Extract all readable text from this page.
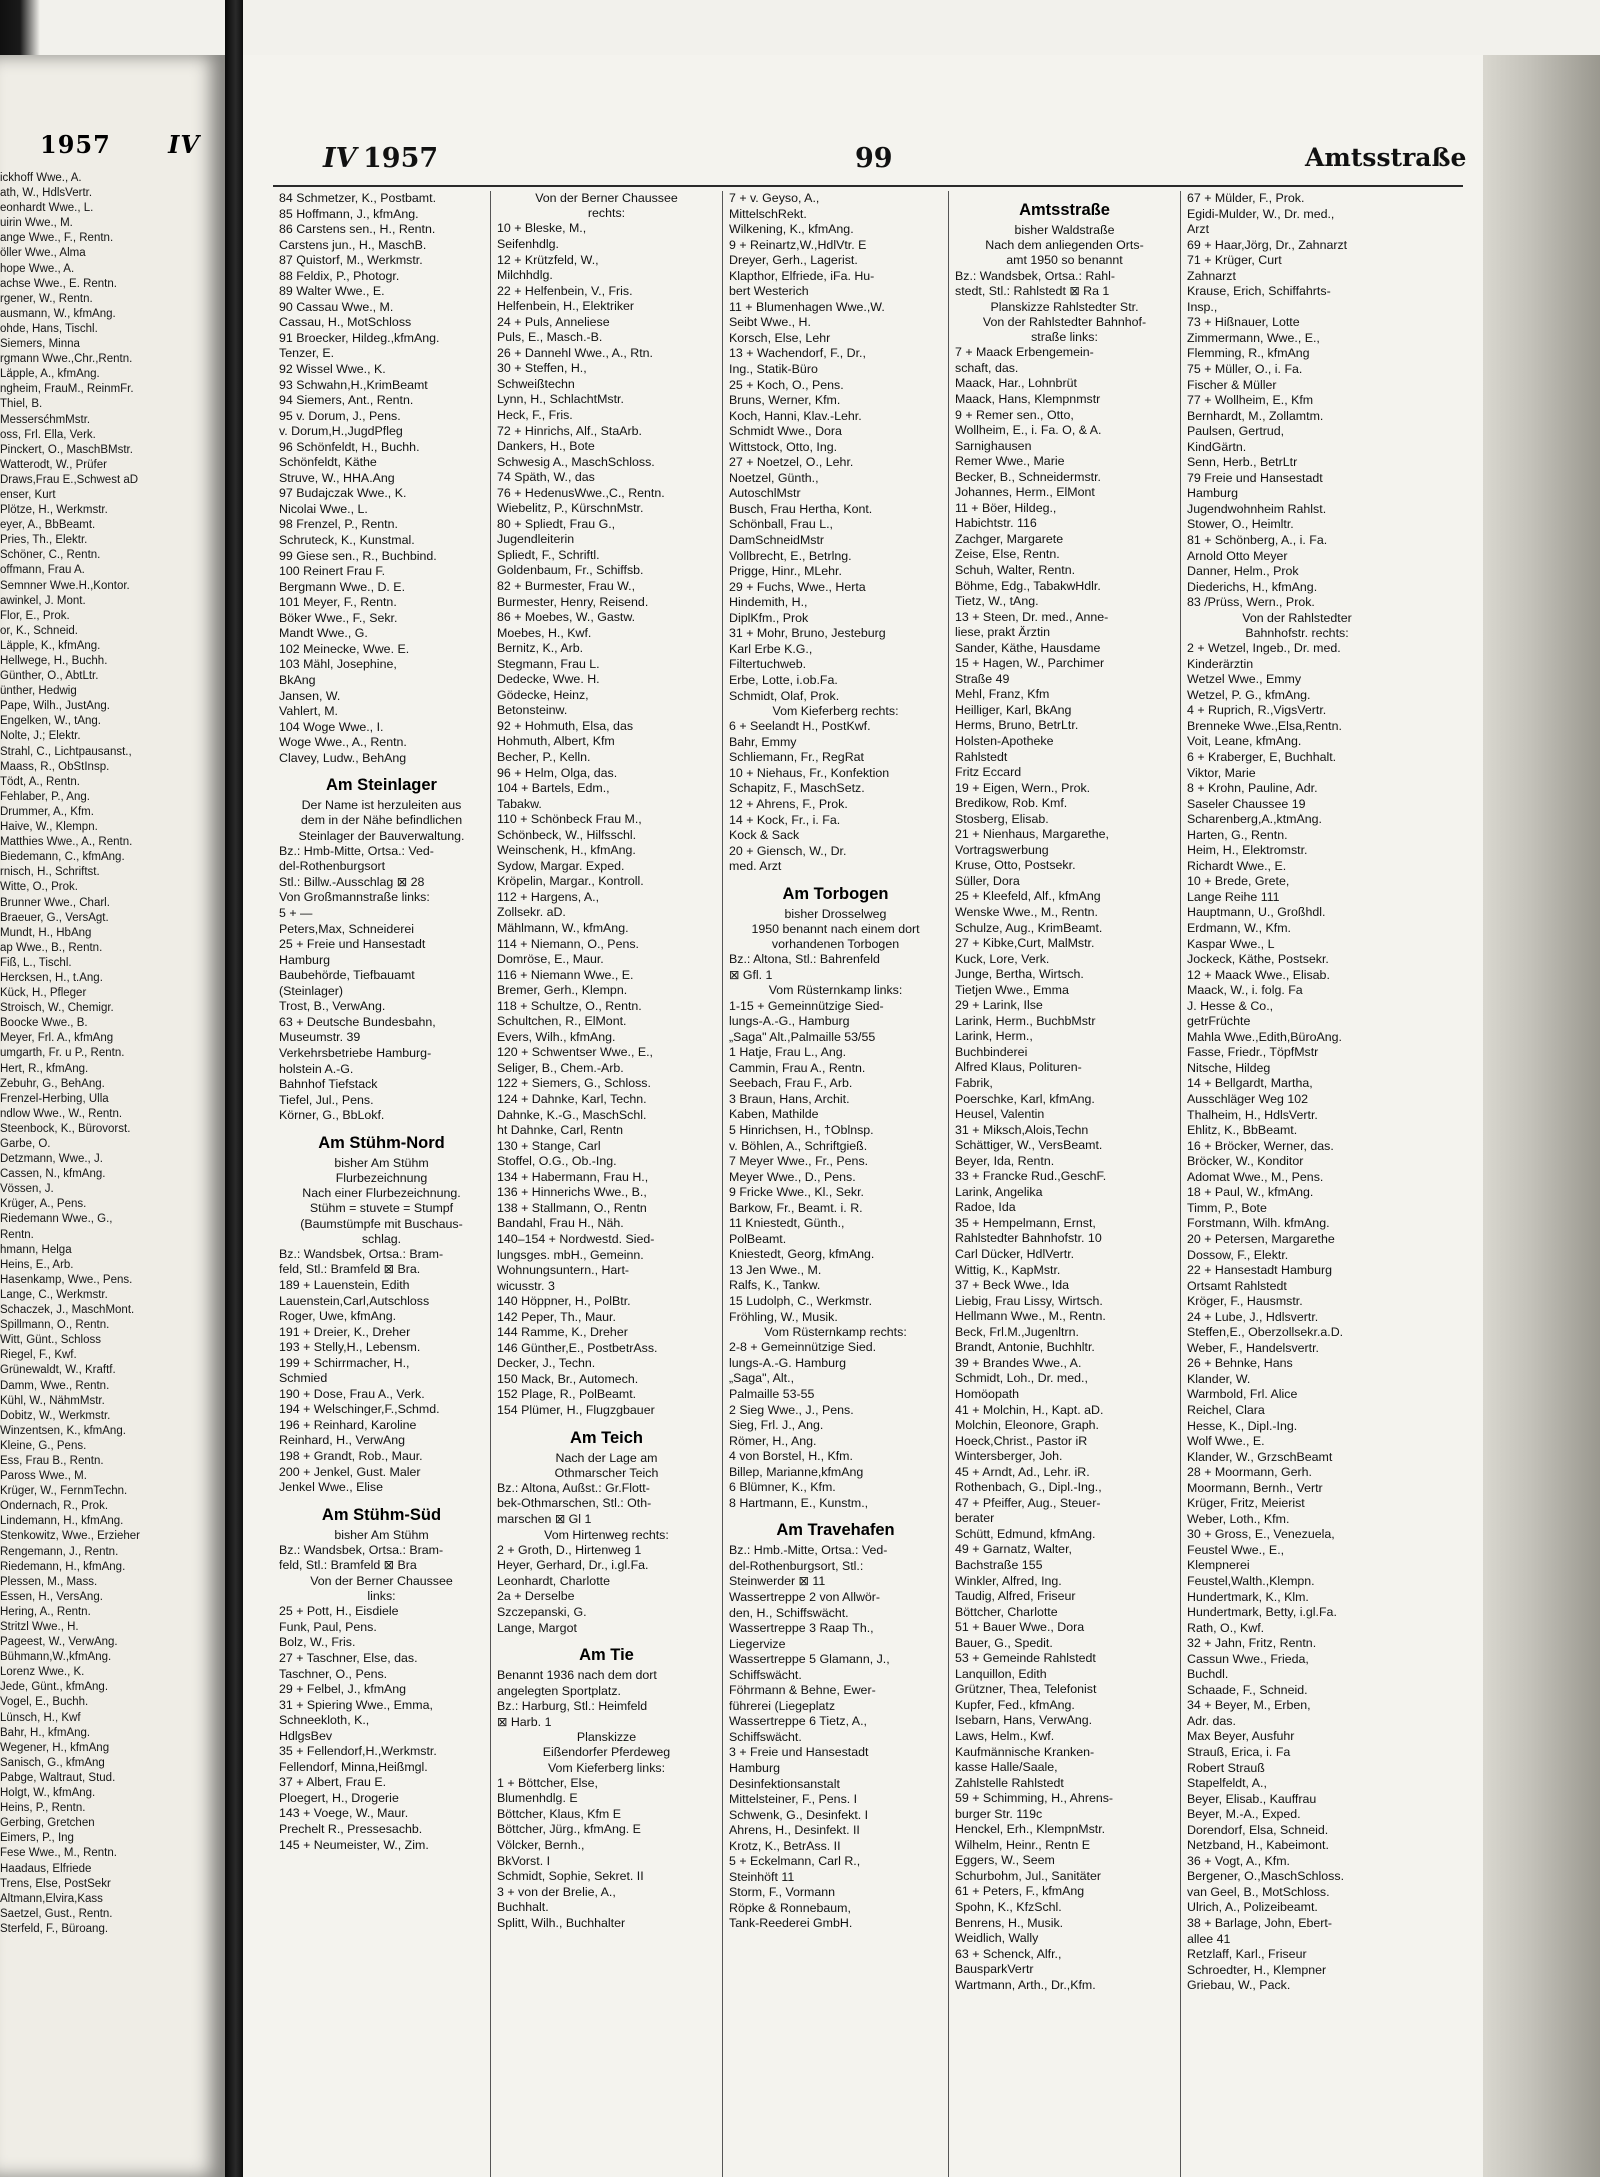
1957 IV
ickhoff Wwe., A.
ath, W., HdlsVertr.
eonhardt Wwe., L.
uirin Wwe., M.
ange Wwe., F., Rentn.
öller Wwe., Alma
hope Wwe., A.
achse Wwe., E. Rentn.
rgener, W., Rentn.
ausmann, W., kfmAng.
ohde, Hans, Tischl.
Siemers, Minna
rgmann Wwe.,Chr.,Rentn.
Läpple, A., kfmAng.
ngheim, FrauM., ReinmFr.
Thiel, B.
MessersćhmMstr.
oss, Frl. Ella, Verk.
Pinckert, O., MaschBMstr.
Watterodt, W., Prüfer
Draws,Frau E.,Schwest aD
enser, Kurt
Plötze, H., Werkmstr.
eyer, A., BbBeamt.
Pries, Th., Elektr.
Schöner, C., Rentn.
offmann, Frau A.
Semnner Wwe.H.,Kontor.
awinkel, J. Mont.
Flor, E., Prok.
or, K., Schneid.
Läpple, K., kfmAng.
Hellwege, H., Buchh.
Günther, O., AbtLtr.
ünther, Hedwig
Pape, Wilh., JustAng.
Engelken, W., tAng.
Nolte, J.; Elektr.
Strahl, C., Lichtpausanst.,
Maass, R., ObStInsp.
Tödt, A., Rentn.
Fehlaber, P., Ang.
Drummer, A., Kfm.
Haive, W., Klempn.
Matthies Wwe., A., Rentn.
Biedemann, C., kfmAng.
rnisch, H., Schriftst.
Witte, O., Prok.
Brunner Wwe., Charl.
Braeuer, G., VersAgt.
Mundt, H., HbAng
ap Wwe., B., Rentn.
Fiß, L., Tischl.
Hercksen, H., t.Ang.
Kück, H., Pfleger
Stroisch, W., Chemigr.
Boocke Wwe., B.
Meyer, Frl. A., kfmAng
umgarth, Fr. u P., Rentn.
Hert, R., kfmAng.
Zebuhr, G., BehAng.
Frenzel-Herbing, Ulla
ndlow Wwe., W., Rentn.
Steenbock, K., Bürovorst.
Garbe, O.
Detzmann, Wwe., J.
Cassen, N., kfmAng.
Vössen, J.
Krüger, A., Pens.
Riedemann Wwe., G.,
Rentn.
hmann, Helga
Heins, E., Arb.
Hasenkamp, Wwe., Pens.
Lange, C., Werkmstr.
Schaczek, J., MaschMont.
Spillmann, O., Rentn.
Witt, Günt., Schloss
Riegel, F., Kwf.
Grünewaldt, W., Kraftf.
Damm, Wwe., Rentn.
Kühl, W., NähmMstr.
Dobitz, W., Werkmstr.
Winzentsen, K., kfmAng.
Kleine, G., Pens.
Ess, Frau B., Rentn.
Paross Wwe., M.
Krüger, W., FernmTechn.
Ondernach, R., Prok.
Lindemann, H., kfmAng.
Stenkowitz, Wwe., Erzieher
Rengemann, J., Rentn.
Riedemann, H., kfmAng.
Plessen, M., Mass.
Essen, H., VersAng.
Hering, A., Rentn.
Stritzl Wwe., H.
Pageest, W., VerwAng.
Bühmann,W.,kfmAng.
Lorenz Wwe., K.
Jede, Günt., kfmAng.
Vogel, E., Buchh.
Lünsch, H., Kwf
Bahr, H., kfmAng.
Wegener, H., kfmAng
Sanisch, G., kfmAng
Pabge, Waltraut, Stud.
Holgt, W., kfmAng.
Heins, P., Rentn.
Gerbing, Gretchen
Eimers, P., Ing
Fese Wwe., M., Rentn.
Haadaus, Elfriede
Trens, Else, PostSekr
Altmann,Elvira,Kass
Saetzel, Gust., Rentn.
Sterfeld, F., Büroang.
IV 1957	99	Amtsstraße
84 Schmetzer, K., Postbamt.
85 Hoffmann, J., kfmAng.
86 Carstens sen., H., Rentn.
Carstens jun., H., MaschB.
87 Quistorf, M., Werkmstr.
88 Feldix, P., Photogr.
89 Walter Wwe., E.
90 Cassau Wwe., M.
Cassau, H., MotSchloss
91 Broecker, Hildeg.,kfmAng.
Tenzer, E.
92 Wissel Wwe., K.
93 Schwahn,H.,KrimBeamt
94 Siemers, Ant., Rentn.
95 v. Dorum, J., Pens.
v. Dorum,H.,JugdPfleg
96 Schönfeldt, H., Buchh.
Schönfeldt, Käthe
Struve, W., HHA.Ang
97 Budajczak Wwe., K.
Nicolai Wwe., L.
98 Frenzel, P., Rentn.
Schruteck, K., Kunstmal.
99 Giese sen., R., Buchbind.
100 Reinert Frau F.
Bergmann Wwe., D. E.
101 Meyer, F., Rentn.
Böker Wwe., F., Sekr.
Mandt Wwe., G.
102 Meinecke, Wwe. E.
103 Mähl, Josephine,
BkAng
Jansen, W.
Vahlert, M.
104 Woge Wwe., I.
Woge Wwe., A., Rentn.
Clavey, Ludw., BehAng
Am Steinlager
Der Name ist herzuleiten aus
dem in der Nähe befindlichen
Steinlager der Bauverwaltung.
Bz.: Hmb-Mitte, Ortsa.: Ved-
del-Rothenburgsort
Stl.: Billw.-Ausschlag ⊠ 28
Von Großmannstraße links:
5 + —
Peters,Max, Schneiderei
25 + Freie und Hansestadt
Hamburg
Baubehörde, Tiefbauamt
(Steinlager)
Trost, B., VerwAng.
63 + Deutsche Bundesbahn,
Museumstr. 39
Verkehrsbetriebe Hamburg-
holstein A.-G.
Bahnhof Tiefstack
Tiefel, Jul., Pens.
Körner, G., BbLokf.
Am Stühm-Nord
bisher Am Stühm
Flurbezeichnung
Nach einer Flurbezeichnung.
Stühm = stuvete = Stumpf
(Baumstümpfe mit Buschaus-
schlag.
Bz.: Wandsbek, Ortsa.: Bram-
feld, Stl.: Bramfeld ⊠ Bra.
189 + Lauenstein, Edith
Lauenstein,Carl,Autschloss
Roger, Uwe, kfmAng.
191 + Dreier, K., Dreher
193 + Stelly,H., Lebensm.
199 + Schirrmacher, H.,
Schmied
190 + Dose, Frau A., Verk.
194 + Welschinger,F.,Schmd.
196 + Reinhard, Karoline
Reinhard, H., VerwAng
198 + Grandt, Rob., Maur.
200 + Jenkel, Gust. Maler
Jenkel Wwe., Elise
Am Stühm-Süd
bisher Am Stühm
Bz.: Wandsbek, Ortsa.: Bram-
feld, Stl.: Bramfeld ⊠ Bra
Von der Berner Chaussee
links:
25 + Pott, H., Eisdiele
Funk, Paul, Pens.
Bolz, W., Fris.
27 + Taschner, Else, das.
Taschner, O., Pens.
29 + Felbel, J., kfmAng
31 + Spiering Wwe., Emma,
Schneekloth, K.,
HdlgsBev
35 + Fellendorf,H.,Werkmstr.
Fellendorf, Minna,Heißmgl.
37 + Albert, Frau E.
Ploegert, H., Drogerie
143 + Voege, W., Maur.
Prechelt R., Pressesachb.
145 + Neumeister, W., Zim.
Von der Berner Chaussee
rechts:
10 + Bleske, M.,
Seifenhdlg.
12 + Krützfeld, W.,
Milchhdlg.
22 + Helfenbein, V., Fris.
Helfenbein, H., Elektriker
24 + Puls, Anneliese
Puls, E., Masch.-B.
26 + Dannehl Wwe., A., Rtn.
30 + Steffen, H.,
Schweißtechn
Lynn, H., SchlachtMstr.
Heck, F., Fris.
72 + Hinrichs, Alf., StaArb.
Dankers, H., Bote
Schwesig A., MaschSchloss.
74 Späth, W., das
76 + HedenusWwe.,C., Rentn.
Wiebelitz, P., KürschnMstr.
80 + Spliedt, Frau G.,
Jugendleiterin
Spliedt, F., Schriftl.
Goldenbaum, Fr., Schiffsb.
82 + Burmester, Frau W.,
Burmester, Henry, Reisend.
86 + Moebes, W., Gastw.
Moebes, H., Kwf.
Bernitz, K., Arb.
Stegmann, Frau L.
Dedecke, Wwe. H.
Gödecke, Heinz,
Betonsteinw.
92 + Hohmuth, Elsa, das
Hohmuth, Albert, Kfm
Becher, P., Kelln.
96 + Helm, Olga, das.
104 + Bartels, Edm.,
Tabakw.
110 + Schönbeck Frau M.,
Schönbeck, W., Hilfsschl.
Weinschenk, H., kfmAng.
Sydow, Margar. Exped.
Kröpelin, Margar., Kontroll.
112 + Hargens, A.,
Zollsekr. aD.
Mählmann, W., kfmAng.
114 + Niemann, O., Pens.
Domröse, E., Maur.
116 + Niemann Wwe., E.
Bremer, Gerh., Klempn.
118 + Schultze, O., Rentn.
Schultchen, R., ElMont.
Evers, Wilh., kfmAng.
120 + Schwentser Wwe., E.,
Seliger, B., Chem.-Arb.
122 + Siemers, G., Schloss.
124 + Dahnke, Karl, Techn.
Dahnke, K.-G., MaschSchl.
ht Dahnke, Carl, Rentn
130 + Stange, Carl
Stoffel, O.G., Ob.-Ing.
134 + Habermann, Frau H.,
136 + Hinnerichs Wwe., B.,
138 + Stallmann, O., Rentn
Bandahl, Frau H., Näh.
140–154 + Nordwestd. Sied-
lungsges. mbH., Gemeinn.
Wohnungsuntern., Hart-
wicusstr. 3
140 Höppner, H., PolBtr.
142 Peper, Th., Maur.
144 Ramme, K., Dreher
146 Günther,E., PostbetrAss.
Decker, J., Techn.
150 Mack, Br., Automech.
152 Plage, R., PolBeamt.
154 Plümer, H., Flugzgbauer
Am Teich
Nach der Lage am
Othmarscher Teich
Bz.: Altona, Außst.: Gr.Flott-
bek-Othmarschen, Stl.: Oth-
marschen ⊠ Gl 1
Vom Hirtenweg rechts:
2 + Groth, D., Hirtenweg 1
Heyer, Gerhard, Dr., i.gl.Fa.
Leonhardt, Charlotte
2a + Derselbe
Szczepanski, G.
Lange, Margot
Am Tie
Benannt 1936 nach dem dort
angelegten Sportplatz.
Bz.: Harburg, Stl.: Heimfeld
⊠ Harb. 1
Planskizze
Eißendorfer Pferdeweg
Vom Kieferberg links:
1 + Böttcher, Else,
Blumenhdlg. E
Böttcher, Klaus, Kfm E
Böttcher, Jürg., kfmAng. E
Völcker, Bernh.,
BkVorst. I
Schmidt, Sophie, Sekret. II
3 + von der Brelie, A.,
Buchhalt.
Splitt, Wilh., Buchhalter
7 + v. Geyso, A.,
MittelschRekt.
Wilkening, K., kfmAng.
9 + Reinartz,W.,HdlVtr. E
Dreyer, Gerh., Lagerist.
Klapthor, Elfriede, iFa. Hu-
bert Westerich
11 + Blumenhagen Wwe.,W.
Seibt Wwe., H.
Korsch, Else, Lehr
13 + Wachendorf, F., Dr.,
Ing., Statik-Büro
25 + Koch, O., Pens.
Bruns, Werner, Kfm.
Koch, Hanni, Klav.-Lehr.
Schmidt Wwe., Dora
Wittstock, Otto, Ing.
27 + Noetzel, O., Lehr.
Noetzel, Günth.,
AutoschlMstr
Busch, Frau Hertha, Kont.
Schönball, Frau L.,
DamSchneidMstr
Vollbrecht, E., Betrlng.
Prigge, Hinr., MLehr.
29 + Fuchs, Wwe., Herta
Hindemith, H.,
DiplKfm., Prok
31 + Mohr, Bruno, Jesteburg
Karl Erbe K.G.,
Filtertuchweb.
Erbe, Lotte, i.ob.Fa.
Schmidt, Olaf, Prok.
Vom Kieferberg rechts:
6 + Seelandt H., PostKwf.
Bahr, Emmy
Schliemann, Fr., RegRat
10 + Niehaus, Fr., Konfektion
Schapitz, F., MaschSetz.
12 + Ahrens, F., Prok.
14 + Kock, Fr., i. Fa.
Kock & Sack
20 + Giensch, W., Dr.
med. Arzt
Am Torbogen
bisher Drosselweg
1950 benannt nach einem dort
vorhandenen Torbogen
Bz.: Altona, Stl.: Bahrenfeld
⊠ Gfl. 1
Vom Rüsternkamp links:
1-15 + Gemeinnützige Sied-
lungs-A.-G., Hamburg
„Saga" Alt.,Palmaille 53/55
1 Hatje, Frau L., Ang.
Cammin, Frau A., Rentn.
Seebach, Frau F., Arb.
3 Braun, Hans, Archit.
Kaben, Mathilde
5 Hinrichsen, H., †Oblnsp.
v. Böhlen, A., Schriftgieß.
7 Meyer Wwe., Fr., Pens.
Meyer Wwe., D., Pens.
9 Fricke Wwe., Kl., Sekr.
Barkow, Fr., Beamt. i. R.
11 Kniestedt, Günth.,
PolBeamt.
Kniestedt, Georg, kfmAng.
13 Jen Wwe., M.
Ralfs, K., Tankw.
15 Ludolph, C., Werkmstr.
Fröhling, W., Musik.
Vom Rüsternkamp rechts:
2-8 + Gemeinnützige Sied.
lungs-A.-G. Hamburg
„Saga", Alt.,
Palmaille 53-55
2 Sieg Wwe., J., Pens.
Sieg, Frl. J., Ang.
Römer, H., Ang.
4 von Borstel, H., Kfm.
Billep, Marianne,kfmAng
6 Blümner, K., Kfm.
8 Hartmann, E., Kunstm.,
Am Travehafen
Bz.: Hmb.-Mitte, Ortsa.: Ved-
del-Rothenburgsort, Stl.:
Steinwerder ⊠ 11
Wassertreppe 2 von Allwör-
den, H., Schiffswächt.
Wassertreppe 3 Raap Th.,
Liegervize
Wassertreppe 5 Glamann, J.,
Schiffswächt.
Föhrmann & Behne, Ewer-
führerei (Liegeplatz
Wassertreppe 6 Tietz, A.,
Schiffswächt.
3 + Freie und Hansestadt
Hamburg
Desinfektionsanstalt
Mittelsteiner, F., Pens. I
Schwenk, G., Desinfekt. I
Ahrens, H., Desinfekt. II
Krotz, K., BetrAss. II
5 + Eckelmann, Carl R.,
Steinhöft 11
Storm, F., Vormann
Röpke & Ronnebaum,
Tank-Reederei GmbH.
Amtsstraße
bisher Waldstraße
Nach dem anliegenden Orts-
amt 1950 so benannt
Bz.: Wandsbek, Ortsa.: Rahl-
stedt, Stl.: Rahlstedt ⊠ Ra 1
Planskizze Rahlstedter Str.
Von der Rahlstedter Bahnhof-
straße links:
7 + Maack Erbengemein-
schaft, das.
Maack, Har., Lohnbrüt
Maack, Hans, Klempnmstr
9 + Remer sen., Otto,
Wollheim, E., i. Fa. O, & A.
Sarnighausen
Remer Wwe., Marie
Becker, B., Schneidermstr.
Johannes, Herm., ElMont
11 + Böer, Hildeg.,
Habichtstr. 116
Zachger, Margarete
Zeise, Else, Rentn.
Schuh, Walter, Rentn.
Böhme, Edg., TabakwHdlr.
Tietz, W., tAng.
13 + Steen, Dr. med., Anne-
liese, prakt Ärztin
Sander, Käthe, Hausdame
15 + Hagen, W., Parchimer
Straße 49
Mehl, Franz, Kfm
Heilliger, Karl, BkAng
Herms, Bruno, BetrLtr.
Holsten-Apotheke
Rahlstedt
Fritz Eccard
19 + Eigen, Wern., Prok.
Bredikow, Rob. Kmf.
Stosberg, Elisab.
21 + Nienhaus, Margarethe,
Vortragswerbung
Kruse, Otto, Postsekr.
Süller, Dora
25 + Kleefeld, Alf., kfmAng
Wenske Wwe., M., Rentn.
Schulze, Aug., KrimBeamt.
27 + Kibke,Curt, MalMstr.
Kuck, Lore, Verk.
Junge, Bertha, Wirtsch.
Tietjen Wwe., Emma
29 + Larink, Ilse
Larink, Herm., BuchbMstr
Larink, Herm.,
Buchbinderei
Alfred Klaus, Polituren-
Fabrik,
Poerschke, Karl, kfmAng.
Heusel, Valentin
31 + Miksch,Alois,Techn
Schättiger, W., VersBeamt.
Beyer, Ida, Rentn.
33 + Francke Rud.,GeschF.
Larink, Angelika
Radoe, Ida
35 + Hempelmann, Ernst,
Rahlstedter Bahnhofstr. 10
Carl Dücker, HdlVertr.
Wittig, K., KapMstr.
37 + Beck Wwe., Ida
Liebig, Frau Lissy, Wirtsch.
Hellmann Wwe., M., Rentn.
Beck, Frl.M.,Jugenltrn.
Brandt, Antonie, Buchhltr.
39 + Brandes Wwe., A.
Schmidt, Loh., Dr. med.,
Homöopath
41 + Molchin, H., Kapt. aD.
Molchin, Eleonore, Graph.
Hoeck,Christ., Pastor iR
Wintersberger, Joh.
45 + Arndt, Ad., Lehr. iR.
Rothenbach, G., Dipl.-Ing.,
47 + Pfeiffer, Aug., Steuer-
berater
Schütt, Edmund, kfmAng.
49 + Garnatz, Walter,
Bachstraße 155
Winkler, Alfred, Ing.
Taudig, Alfred, Friseur
Böttcher, Charlotte
51 + Bauer Wwe., Dora
Bauer, G., Spedit.
53 + Gemeinde Rahlstedt
Lanquillon, Edith
Grützner, Thea, Telefonist
Kupfer, Fed., kfmAng.
Isebarn, Hans, VerwAng.
Laws, Helm., Kwf.
Kaufmännische Kranken-
kasse Halle/Saale,
Zahlstelle Rahlstedt
59 + Schimming, H., Ahrens-
burger Str. 119c
Henckel, Erh., KlempnMstr.
Wilhelm, Heinr., Rentn E
Eggers, W., Seem
Schurbohm, Jul., Sanitäter
61 + Peters, F., kfmAng
Spohn, K., KfzSchl.
Benrens, H., Musik.
Weidlich, Wally
63 + Schenck, Alfr.,
BausparkVertr
Wartmann, Arth., Dr.,Kfm.
67 + Mülder, F., Prok.
Egidi-Mulder, W., Dr. med.,
Arzt
69 + Haar,Jörg, Dr., Zahnarzt
71 + Krüger, Curt
Zahnarzt
Krause, Erich, Schiffahrts-
Insp.,
73 + Hißnauer, Lotte
Zimmermann, Wwe., E.,
Flemming, R., kfmAng
75 + Müller, O., i. Fa.
Fischer & Müller
77 + Wollheim, E., Kfm
Bernhardt, M., Zollamtm.
Paulsen, Gertrud,
KindGärtn.
Senn, Herb., BetrLtr
79 Freie und Hansestadt
Hamburg
Jugendwohnheim Rahlst.
Stower, O., Heimltr.
81 + Schönberg, A., i. Fa.
Arnold Otto Meyer
Danner, Helm., Prok
Diederichs, H., kfmAng.
83 /Prüss, Wern., Prok.
Von der Rahlstedter
Bahnhofstr. rechts:
2 + Wetzel, Ingeb., Dr. med.
Kinderärztin
Wetzel Wwe., Emmy
Wetzel, P. G., kfmAng.
4 + Ruprich, R.,VigsVertr.
Brenneke Wwe.,Elsa,Rentn.
Voit, Leane, kfmAng.
6 + Kraberger, E, Buchhalt.
Viktor, Marie
8 + Krohn, Pauline, Adr.
Saseler Chaussee 19
Scharenberg,A.,ktmAng.
Harten, G., Rentn.
Heim, H., Elektromstr.
Richardt Wwe., E.
10 + Brede, Grete,
Lange Reihe 111
Hauptmann, U., Großhdl.
Erdmann, W., Kfm.
Kaspar Wwe., L
Jockeck, Käthe, Postsekr.
12 + Maack Wwe., Elisab.
Maack, W., i. folg. Fa
J. Hesse & Co.,
getrFrüchte
Mahla Wwe.,Edith,BüroAng.
Fasse, Friedr., TöpfMstr
Nitsche, Hildeg
14 + Bellgardt, Martha,
Ausschläger Weg 102
Thalheim, H., HdlsVertr.
Ehlitz, K., BbBeamt.
16 + Bröcker, Werner, das.
Bröcker, W., Konditor
Adomat Wwe., M., Pens.
18 + Paul, W., kfmAng.
Timm, P., Bote
Forstmann, Wilh. kfmAng.
20 + Petersen, Margarethe
Dossow, F., Elektr.
22 + Hansestadt Hamburg
Ortsamt Rahlstedt
Kröger, F., Hausmstr.
24 + Lube, J., Hdlsvertr.
Steffen,E., Oberzollsekr.a.D.
Weber, F., Handelsvertr.
26 + Behnke, Hans
Klander, W.
Warmbold, Frl. Alice
Reichel, Clara
Hesse, K., Dipl.-Ing.
Wolf Wwe., E.
Klander, W., GrzschBeamt
28 + Moormann, Gerh.
Moormann, Bernh., Vertr
Krüger, Fritz, Meierist
Weber, Loth., Kfm.
30 + Gross, E., Venezuela,
Feustel Wwe., E.,
Klempnerei
Feustel,Walth.,Klempn.
Hundertmark, K., Klm.
Hundertmark, Betty, i.gl.Fa.
Rath, O., Kwf.
32 + Jahn, Fritz, Rentn.
Cassun Wwe., Frieda,
Buchdl.
Schaade, F., Schneid.
34 + Beyer, M., Erben,
Adr. das.
Max Beyer, Ausfuhr
Strauß, Erica, i. Fa
Robert Strauß
Stapelfeldt, A.,
Beyer, Elisab., Kauffrau
Beyer, M.-A., Exped.
Dorendorf, Elsa, Schneid.
Netzband, H., Kabeimont.
36 + Vogt, A., Kfm.
Bergener, O.,MaschSchloss.
van Geel, B., MotSchloss.
Ulrich, A., Polizeibeamt.
38 + Barlage, John, Ebert-
allee 41
Retzlaff, Karl., Friseur
Schroedter, H., Klempner
Griebau, W., Pack.
